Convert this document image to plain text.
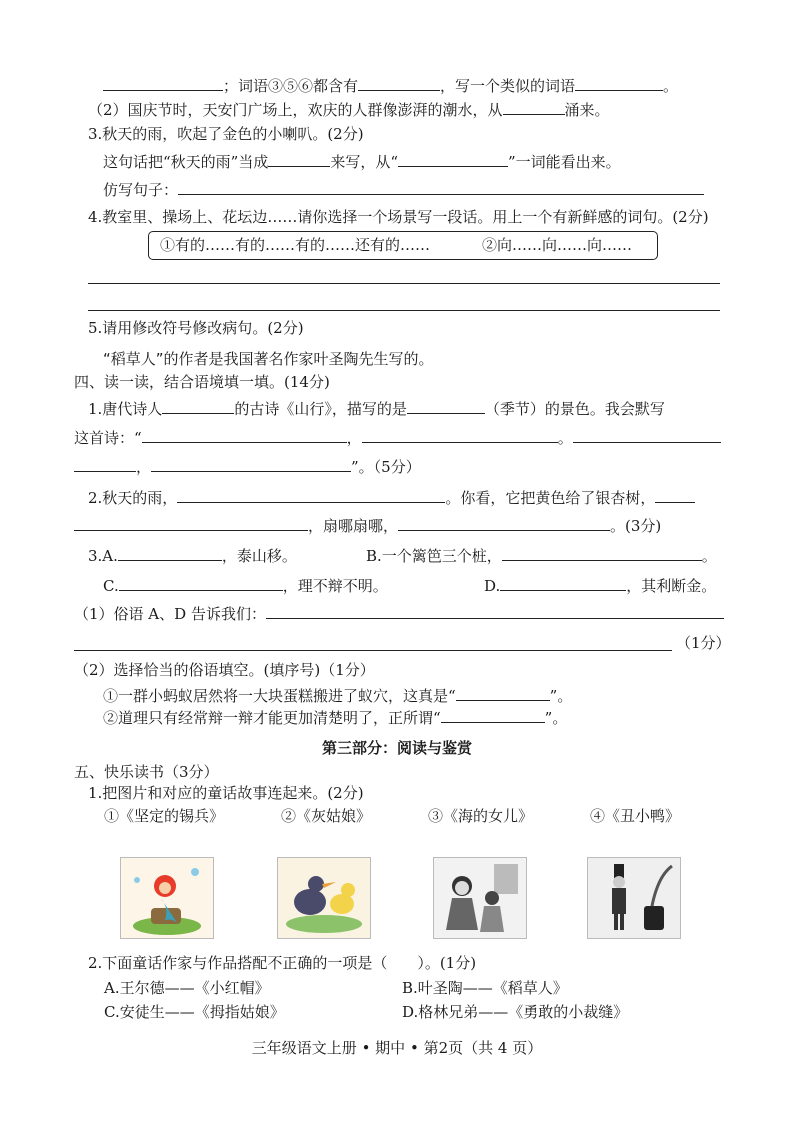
；词语③⑤⑥都含有	，写一个类似的词语	。
（2）国庆节时，天安门广场上，欢庆的人群像澎湃的潮水，从	涌来。
3.秋天的雨，吹起了金色的小喇叭。(2分)
这句话把“秋天的雨”当成	来写，从“	”一词能看出来。
仿写句子：
4.教室里、操场上、花坛边……请你选择一个场景写一段话。用上一个有新鲜感的词句。(2分)
①有的……有的……有的……还有的……	②向……向……向……
5.请用修改符号修改病句。(2分)
“稻草人”的作者是我国著名作家叶圣陶先生写的。
四、读一读，结合语境填一填。(14分)
1.唐代诗人	的古诗《山行》，描写的是	（季节）的景色。我会默写
这首诗：“	，	。
，	”。（5分）
2.秋天的雨，	。你看，它把黄色给了银杏树，
，扇哪扇哪，	。(3分)
3.A.	，泰山移。	B.一个篱笆三个桩，	。
C.	，理不辩不明。	D.	，其利断金。
（1）俗语 A、D 告诉我们：
（1分）
（2）选择恰当的俗语填空。(填序号)（1分）
①一群小蚂蚁居然将一大块蛋糕搬进了蚁穴，这真是“	”。
②道理只有经常辩一辩才能更加清楚明了，正所谓“	”。
第三部分：阅读与鉴赏
五、快乐读书（3分）
1.把图片和对应的童话故事连起来。(2分)
①《坚定的锡兵》	②《灰姑娘》	③《海的女儿》	④《丑小鸭》
2.下面童话作家与作品搭配不正确的一项是（　　）。(1分)
A.王尔德——《小红帽》	B.叶圣陶——《稻草人》
C.安徒生——《拇指姑娘》	D.格林兄弟——《勇敢的小裁缝》
三年级语文上册 • 期中 • 第2页（共 4 页）
